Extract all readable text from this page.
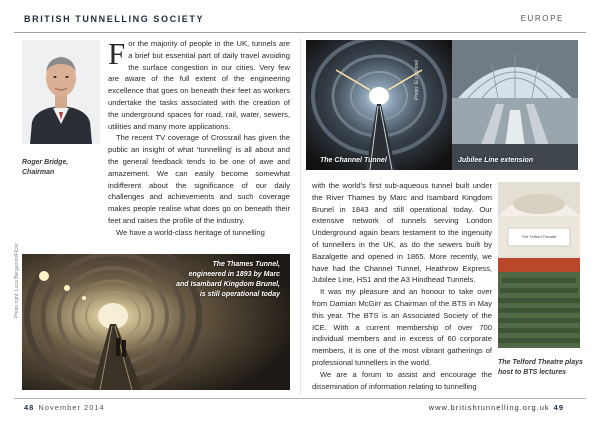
BRITISH TUNNELLING SOCIETY	EUROPE
Roger Bridge,
Chairman

For the majority of people in the UK, tunnels are a brief but essential part of daily travel avoiding the surface congestion in our cities. Very few are aware of the full extent of the engineering excellence that goes on beneath their feet as workers undertake the tasks associated with the creation of the underground spaces for road, rail, water, sewers, utilities and many more applications.

The recent TV coverage of Crossrail has given the public an insight of what ‘tunnelling’ is all about and the general feedback tends to be one of awe and amazement. We can easily become somewhat indifferent about the significance of our daily challenges and achievements and such coverage makes people realise what does go on beneath their feet and raises the profile of the industry.

We have a world-class heritage of tunnelling

The Thames Tunnel,
engineered in 1893 by Marc
and Isambard Kingdom Brunel,
is still operational today
Photo right: Luca Bergamini/Flickr
The Channel Tunnel
Photo: Eurotunnel
Jubilee Line extension

with the world’s first sub-aqueous tunnel built under the River Thames by Marc and Isambard Kingdom Brunel in 1843 and still operational today. Our extensive network of tunnels serving London Underground again bears testament to the ingenuity of tunnellers in the UK, as do the sewers built by Bazalgette and opened in 1865. More recently, we have had the Channel Tunnel, Heathrow Express, Jubilee Line, HS1 and the A3 Hindhead Tunnels.

It was my pleasure and an honour to take over from Damian McGirr as Chairman of the BTS in May this year. The BTS is an Associated Society of the ICE. With a current membership of over 700 individual members and in excess of 60 corporate members, it is one of the most vibrant gatherings of professional tunnellers in the world.

We are a forum to assist and encourage the dissemination of information relating to tunnelling

The Telford Theatre
The Telford Theatre plays
host to BTS lectures
48 November 2014	www.britishtunnelling.org.uk 49
